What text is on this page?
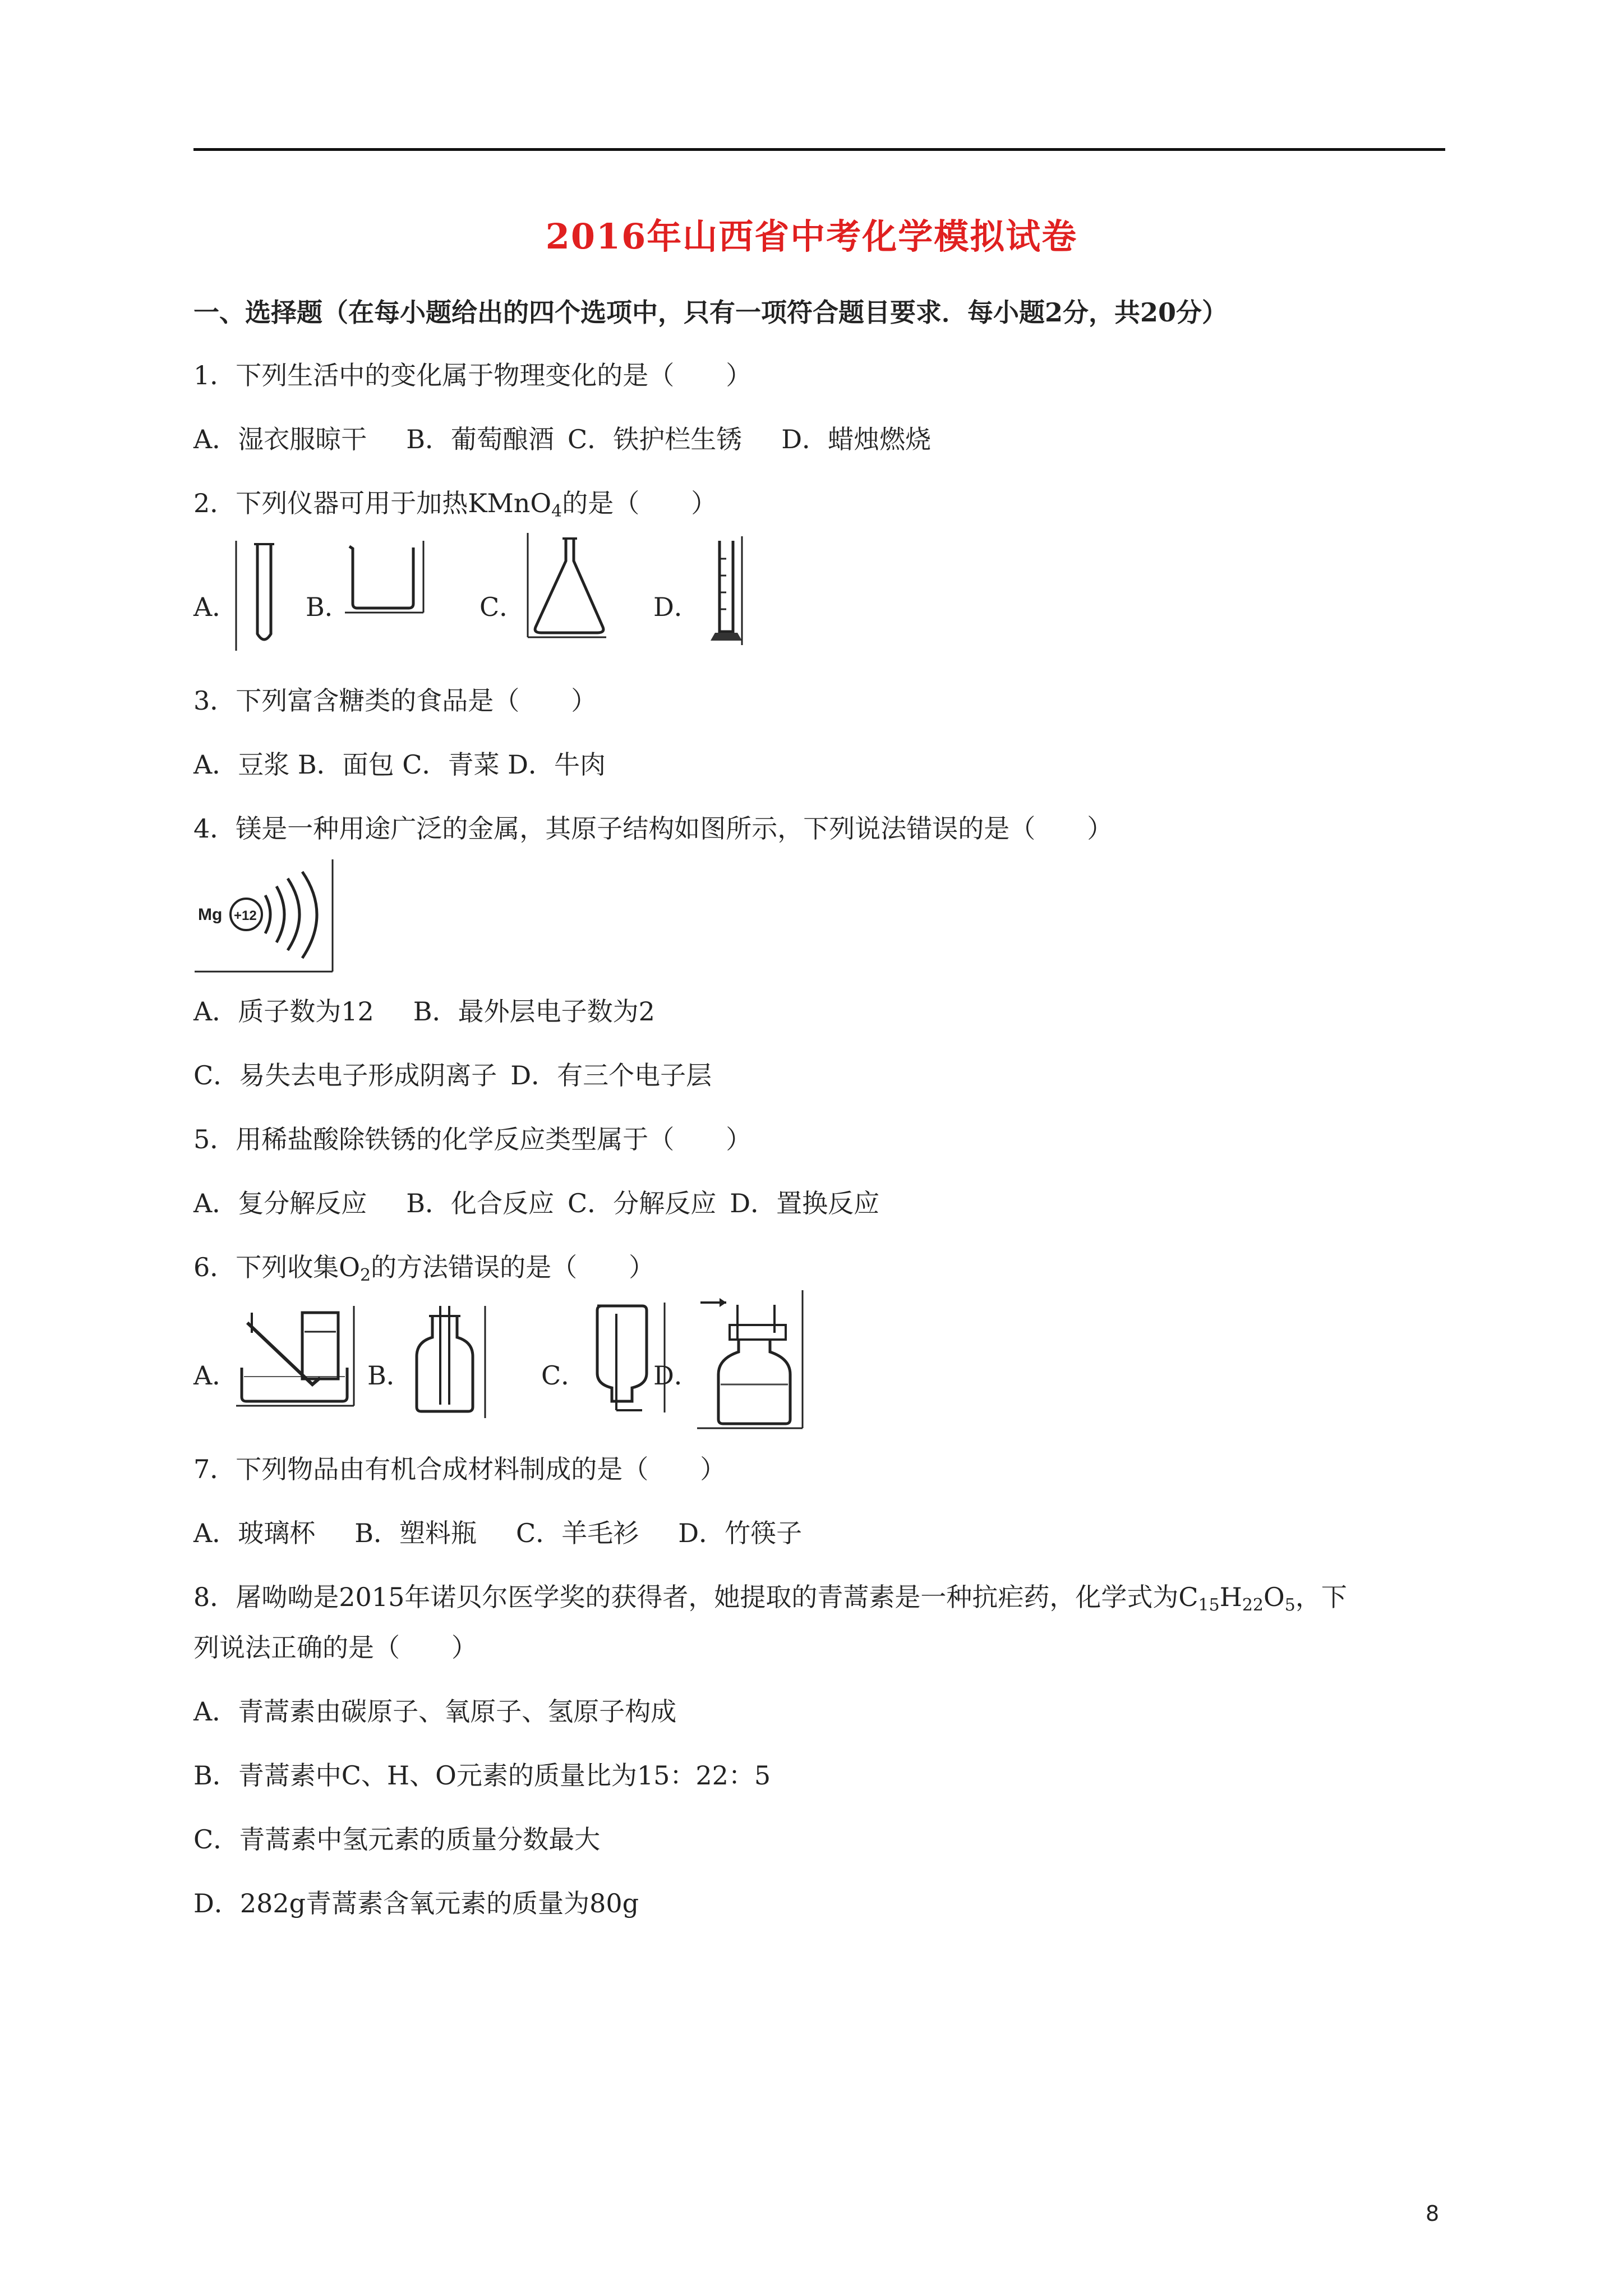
2016年山西省中考化学模拟试卷
一、选择题（在每小题给出的四个选项中，只有一项符合题目要求．每小题2分，共20分）
1．下列生活中的变化属于物理变化的是（　　）
A．湿衣服晾干 B．葡萄酿酒 C．铁护栏生锈 D．蜡烛燃烧
2．下列仪器可用于加热KMnO$_4$的是（　　）
A．	B．	C．	D．
3．下列富含糖类的食品是（　　）
A．豆浆 B．面包 C．青菜 D．牛肉
4．镁是一种用途广泛的金属，其原子结构如图所示，下列说法错误的是（　　）
Mg +12
A．质子数为12 B．最外层电子数为2
C．易失去电子形成阴离子 D．有三个电子层
5．用稀盐酸除铁锈的化学反应类型属于（　　）
A．复分解反应 B．化合反应 C．分解反应 D．置换反应
6．下列收集$O_2$的方法错误的是（　　）
A．	B．	C．	D．
7．下列物品由有机合成材料制成的是（　　）
A．玻璃杯 B．塑料瓶 C．羊毛衫 D．竹筷子
8．屠呦呦是2015年诺贝尔医学奖的获得者，她提取的青蒿素是一种抗疟药，化学式为$C_{15}H_{22}O_5$，下
列说法正确的是（　　）
A．青蒿素由碳原子、氧原子、氢原子构成
B．青蒿素中C、H、O元素的质量比为15：22：5
C．青蒿素中氢元素的质量分数最大
D．282g青蒿素含氧元素的质量为80g
8
